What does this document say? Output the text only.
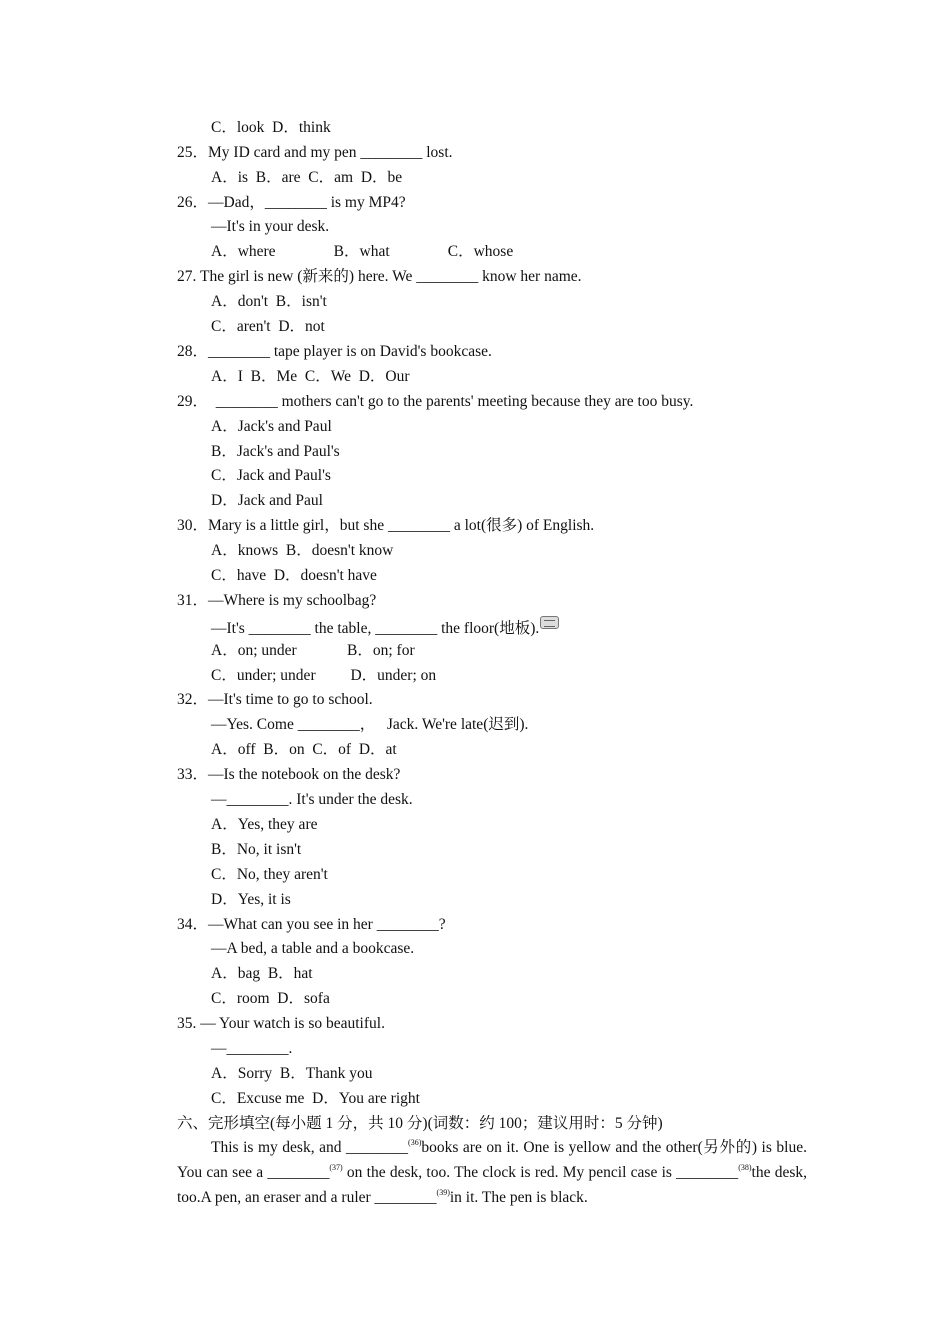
C．look  D．think
25．My ID card and my pen ________ lost.
A．is  B．are  C．am  D．be
26．—Dad，________ is my MP4?
—It's in your desk.
A．where               B．what               C．whose
27. The girl is new (新来的) here. We ________ know her name.
A．don't  B．isn't
C．aren't  D．not
28．________ tape player is on David's bookcase.
A．I  B．Me  C．We  D．Our
29．  ________ mothers can't go to the parents' meeting because they are too busy.
A．Jack's and Paul
B．Jack's and Paul's
C．Jack and Paul's
D．Jack and Paul
30．Mary is a little girl，but she ________ a lot(很多) of English.
A．knows  B．doesn't know
C．have  D．doesn't have
31．—Where is my schoolbag?
—It's ________ the table, ________ the floor(地板).
A．on; under             B．on; for
C．under; under         D．under; on
32．—It's time to go to school.
—Yes. Come ________，   Jack. We're late(迟到).
A．off  B．on  C．of  D．at
33．—Is the notebook on the desk?
—________. It's under the desk.
A．Yes, they are
B．No, it isn't
C．No, they aren't
D．Yes, it is
34．—What can you see in her ________?
—A bed, a table and a bookcase.
A．bag  B．hat
C．room  D．sofa
35. — Your watch is so beautiful.
—________.
A．Sorry  B．Thank you
C．Excuse me  D．You are right
六、完形填空(每小题 1 分，共 10 分)(词数：约 100；建议用时：5 分钟)

This is my desk, and ________$^{(36)}$books are on it. One is yellow and the other(另外的) is blue. You can see a ________$^{(37)}$ on the desk, too. The clock is red. My pencil case is ________$^{(38)}$the desk, too.A pen, an eraser and a ruler ________$^{(39)}$in it. The pen is black.
